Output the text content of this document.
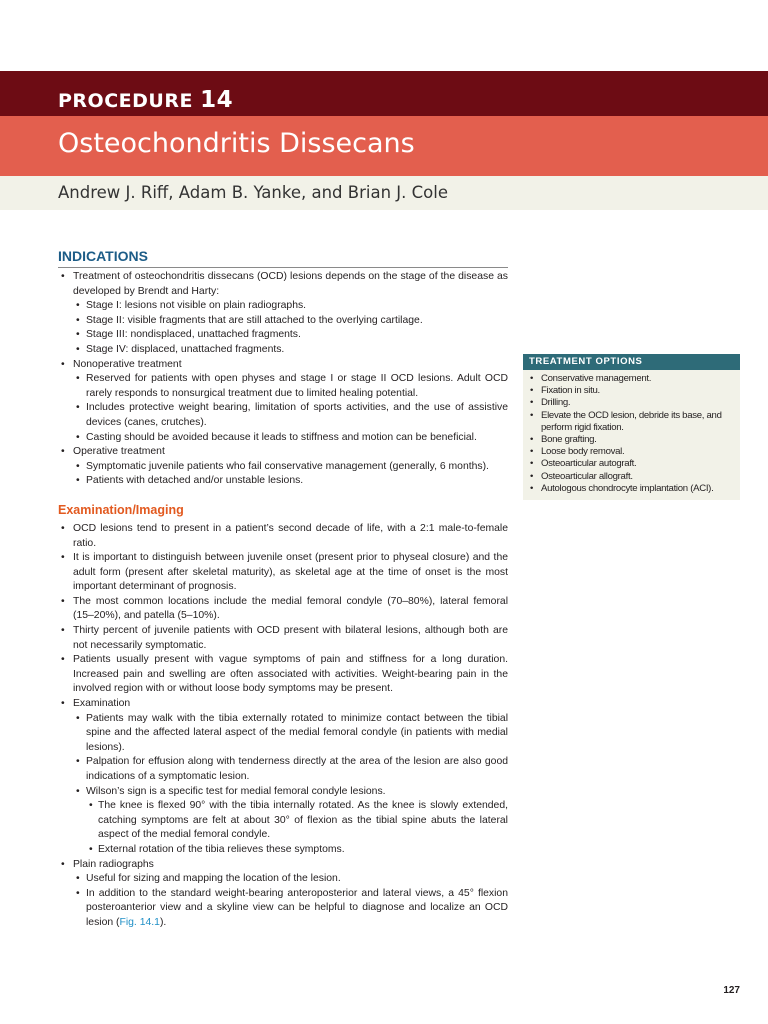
PROCEDURE 14
Osteochondritis Dissecans
Andrew J. Riff, Adam B. Yanke, and Brian J. Cole
INDICATIONS
• Treatment of osteochondritis dissecans (OCD) lesions depends on the stage of the disease as developed by Brendt and Harty:
• Stage I: lesions not visible on plain radiographs.
• Stage II: visible fragments that are still attached to the overlying cartilage.
• Stage III: nondisplaced, unattached fragments.
• Stage IV: displaced, unattached fragments.
• Nonoperative treatment
• Reserved for patients with open physes and stage I or stage II OCD lesions. Adult OCD rarely responds to nonsurgical treatment due to limited healing potential.
• Includes protective weight bearing, limitation of sports activities, and the use of assistive devices (canes, crutches).
• Casting should be avoided because it leads to stiffness and motion can be beneficial.
• Operative treatment
• Symptomatic juvenile patients who fail conservative management (generally, 6 months).
• Patients with detached and/or unstable lesions.
Examination/Imaging
• OCD lesions tend to present in a patient’s second decade of life, with a 2:1 male-to-female ratio.
• It is important to distinguish between juvenile onset (present prior to physeal closure) and the adult form (present after skeletal maturity), as skeletal age at the time of onset is the most important determinant of prognosis.
• The most common locations include the medial femoral condyle (70–80%), lateral femoral (15–20%), and patella (5–10%).
• Thirty percent of juvenile patients with OCD present with bilateral lesions, although both are not necessarily symptomatic.
• Patients usually present with vague symptoms of pain and stiffness for a long duration. Increased pain and swelling are often associated with activities. Weight-bearing pain in the involved region with or without loose body symptoms may be present.
• Examination
• Patients may walk with the tibia externally rotated to minimize contact between the tibial spine and the affected lateral aspect of the medial femoral condyle (in patients with medial lesions).
• Palpation for effusion along with tenderness directly at the area of the lesion are also good indications of a symptomatic lesion.
• Wilson’s sign is a specific test for medial femoral condyle lesions.
• The knee is flexed 90° with the tibia internally rotated. As the knee is slowly extended, catching symptoms are felt at about 30° of flexion as the tibial spine abuts the lateral aspect of the medial femoral condyle.
• External rotation of the tibia relieves these symptoms.
• Plain radiographs
• Useful for sizing and mapping the location of the lesion.
• In addition to the standard weight-bearing anteroposterior and lateral views, a 45° flexion posteroanterior view and a skyline view can be helpful to diagnose and localize an OCD lesion (Fig. 14.1).
TREATMENT OPTIONS
• Conservative management.
• Fixation in situ.
• Drilling.
• Elevate the OCD lesion, debride its base, and perform rigid fixation.
• Bone grafting.
• Loose body removal.
• Osteoarticular autograft.
• Osteoarticular allograft.
• Autologous chondrocyte implantation (ACI).
127
